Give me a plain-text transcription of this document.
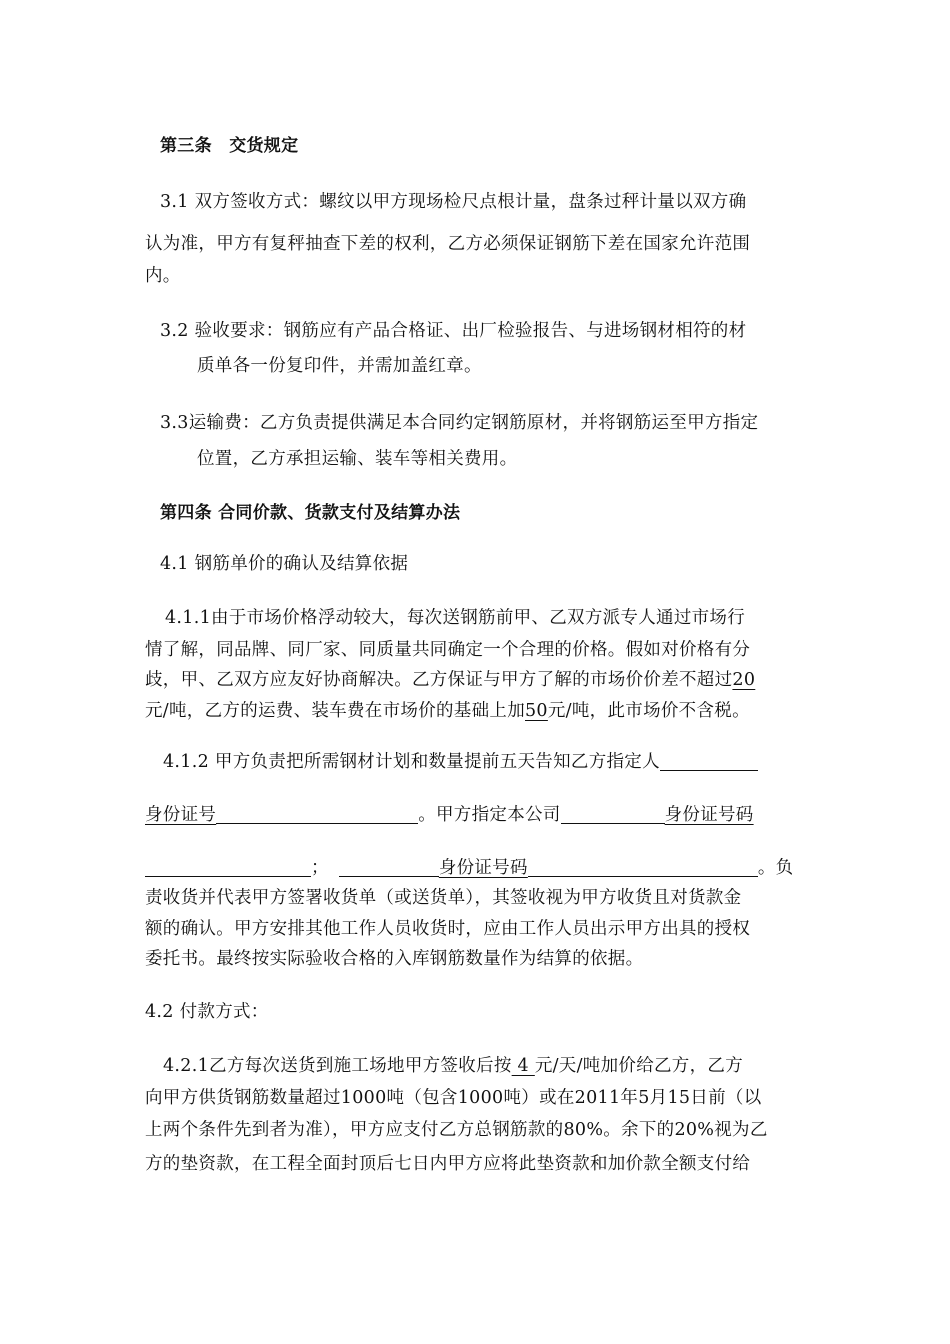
第三条　交货规定
3.1 双方签收方式：螺纹以甲方现场检尺点根计量，盘条过秤计量以双方确
认为准，甲方有复秤抽查下差的权利，乙方必须保证钢筋下差在国家允许范围
内。
3.2 验收要求：钢筋应有产品合格证、出厂检验报告、与进场钢材相符的材
质单各一份复印件，并需加盖红章。
3.3运输费：乙方负责提供满足本合同约定钢筋原材，并将钢筋运至甲方指定
位置，乙方承担运输、装车等相关费用。
第四条 合同价款、货款支付及结算办法
4.1 钢筋单价的确认及结算依据
4.1.1由于市场价格浮动较大，每次送钢筋前甲、乙双方派专人通过市场行
情了解，同品牌、同厂家、同质量共同确定一个合理的价格。假如对价格有分
歧，甲、乙双方应友好协商解决。乙方保证与甲方了解的市场价价差不超过20
元/吨，乙方的运费、装车费在市场价的基础上加50元/吨，此市场价不含税。
4.1.2 甲方负责把所需钢材计划和数量提前五天告知乙方指定人
身份证号	。甲方指定本公司	身份证号码
；	身份证号码	。负
责收货并代表甲方签署收货单（或送货单），其签收视为甲方收货且对货款金
额的确认。甲方安排其他工作人员收货时，应由工作人员出示甲方出具的授权
委托书。最终按实际验收合格的入库钢筋数量作为结算的依据。
4.2 付款方式：
4.2.1乙方每次送货到施工场地甲方签收后按 4 元/天/吨加价给乙方，乙方
向甲方供货钢筋数量超过1000吨（包含1000吨）或在2011年5月15日前（以
上两个条件先到者为准），甲方应支付乙方总钢筋款的80%。余下的20%视为乙
方的垫资款，在工程全面封顶后七日内甲方应将此垫资款和加价款全额支付给
